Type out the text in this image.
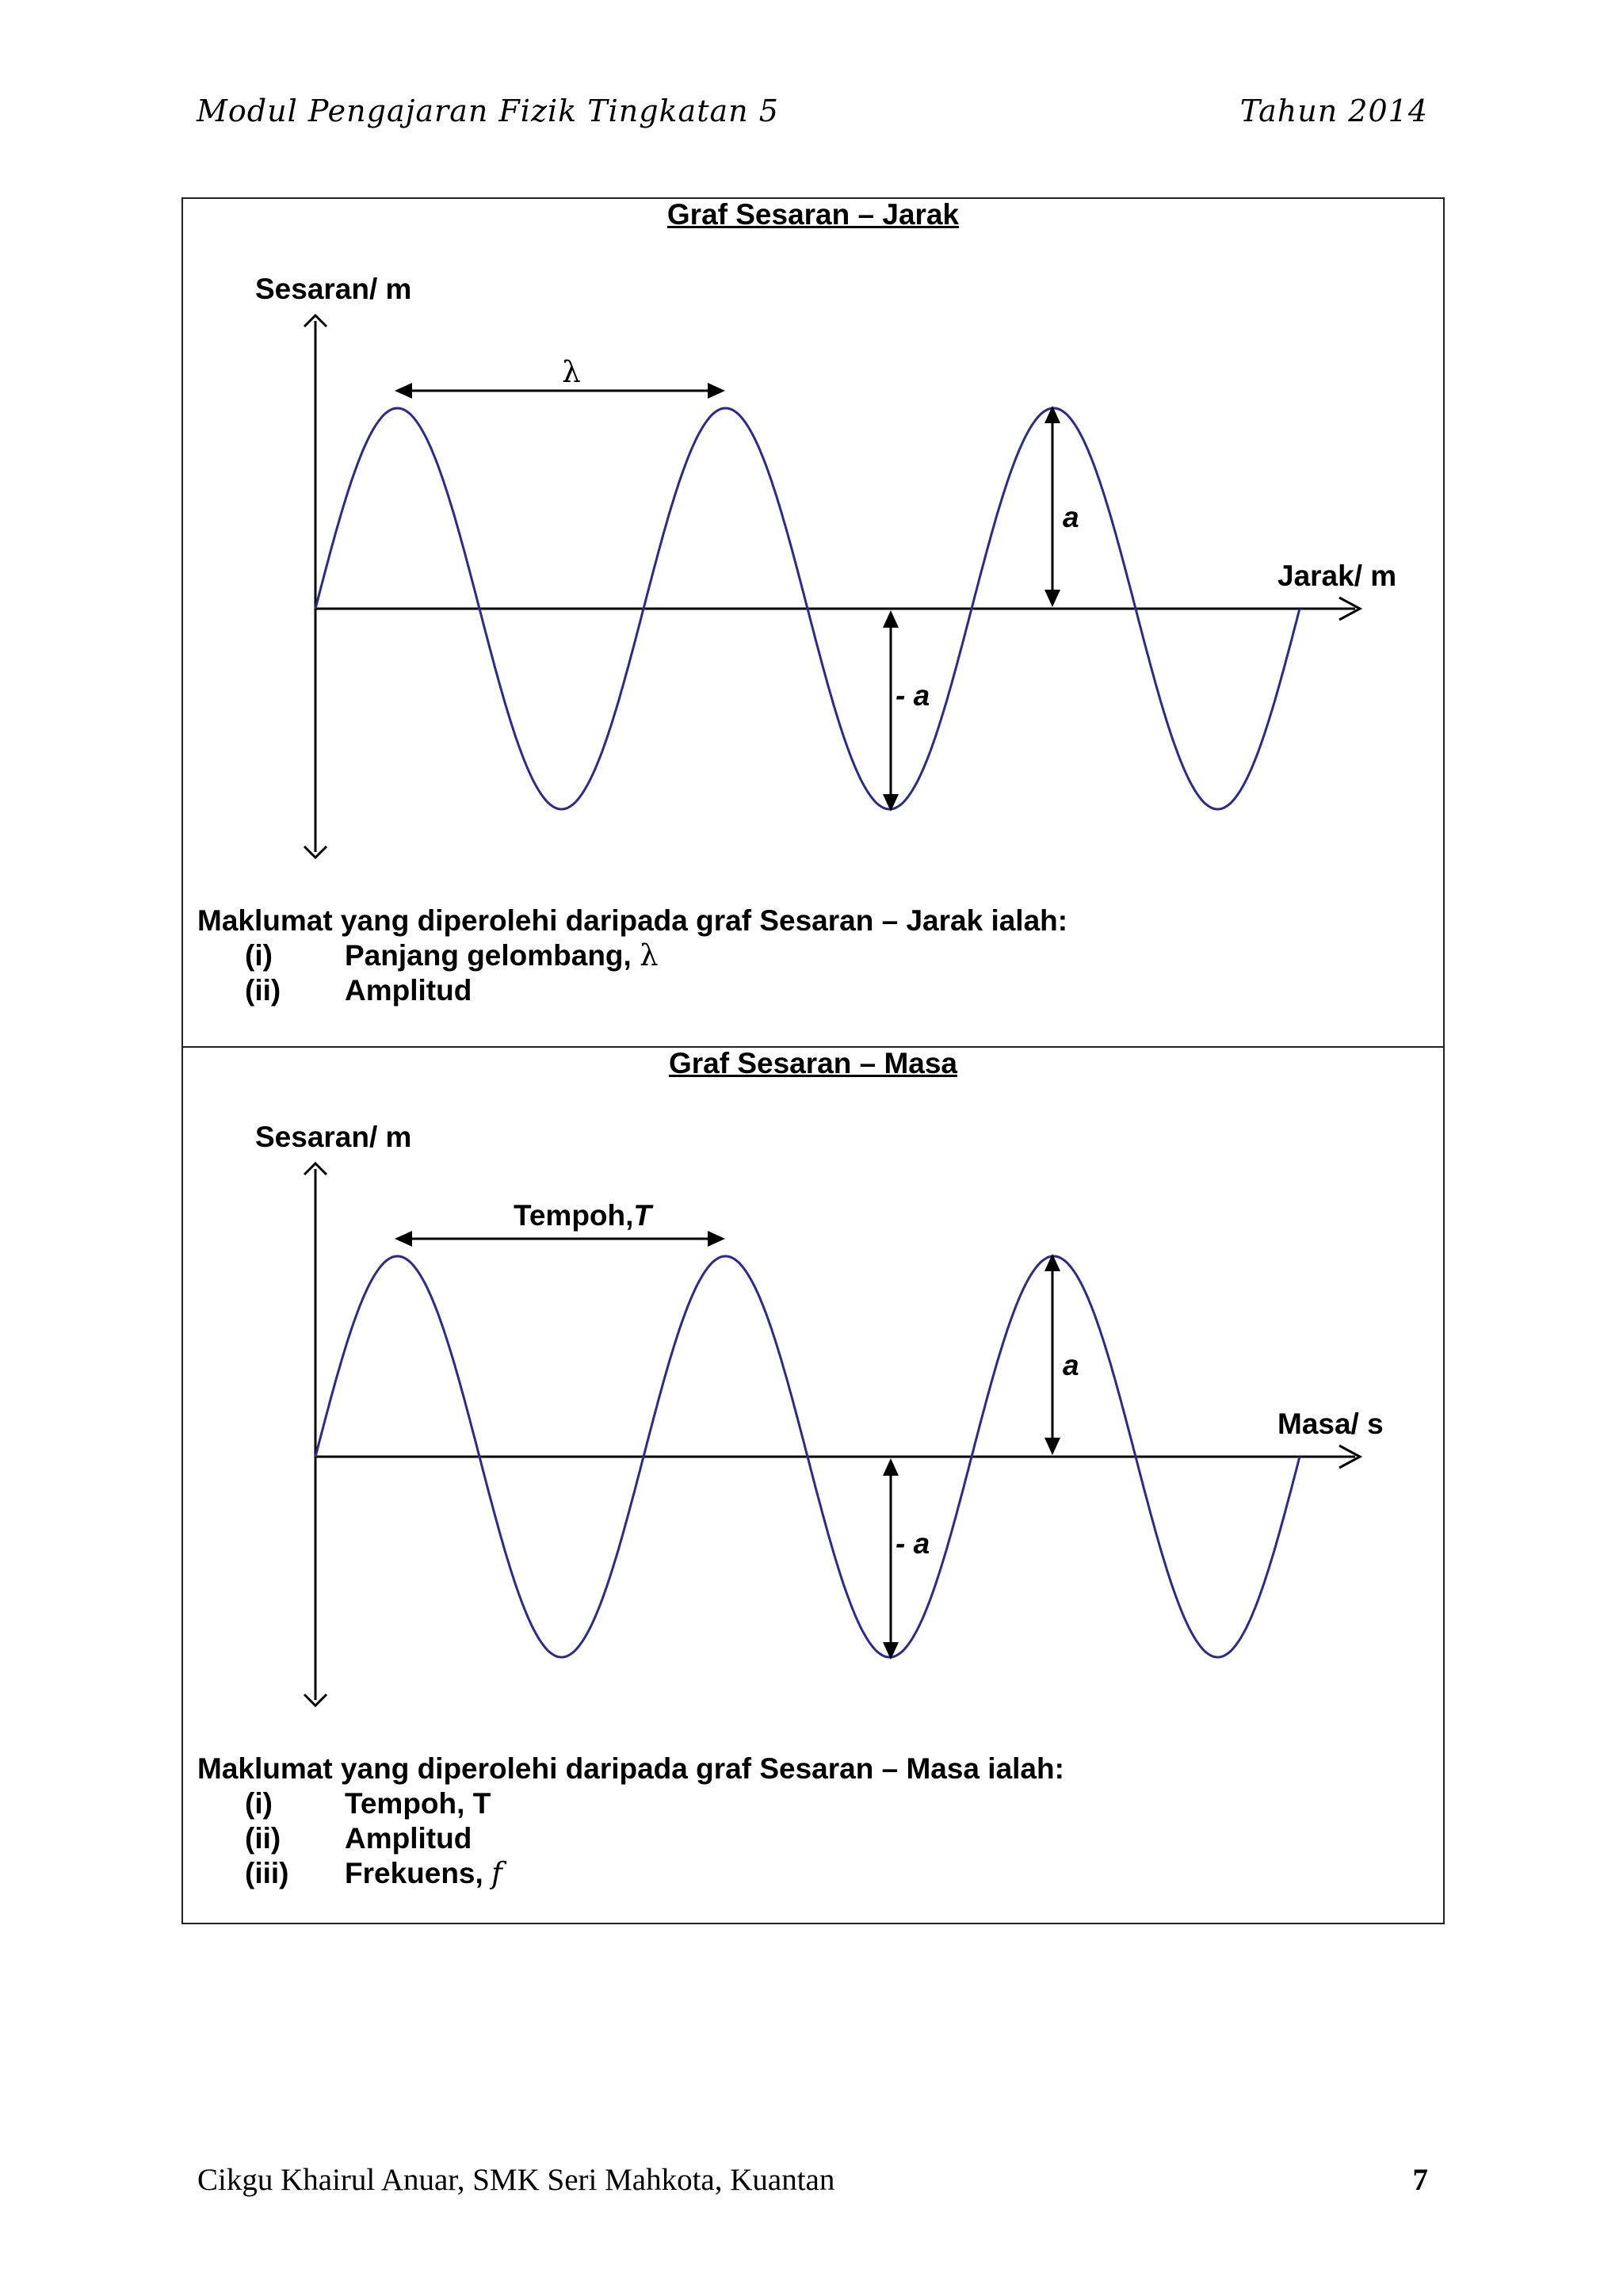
Modul Pengajaran Fizik Tingkatan 5	Tahun 2014
Graf Sesaran – Jarak
Sesaran/ m
λ
a
- a
Jarak/ m
Maklumat yang diperolehi daripada graf Sesaran – Jarak ialah:
(i)	Panjang gelombang,
λ
(ii)	Amplitud
Graf Sesaran – Masa
Sesaran/ m
Tempoh,T
a
- a
Masa/ s
Maklumat yang diperolehi daripada graf Sesaran – Masa ialah:
(i)	Tempoh, T
(ii)	Amplitud
(iii)	Frekuens,
f
Cikgu Khairul Anuar, SMK Seri Mahkota, Kuantan	7
